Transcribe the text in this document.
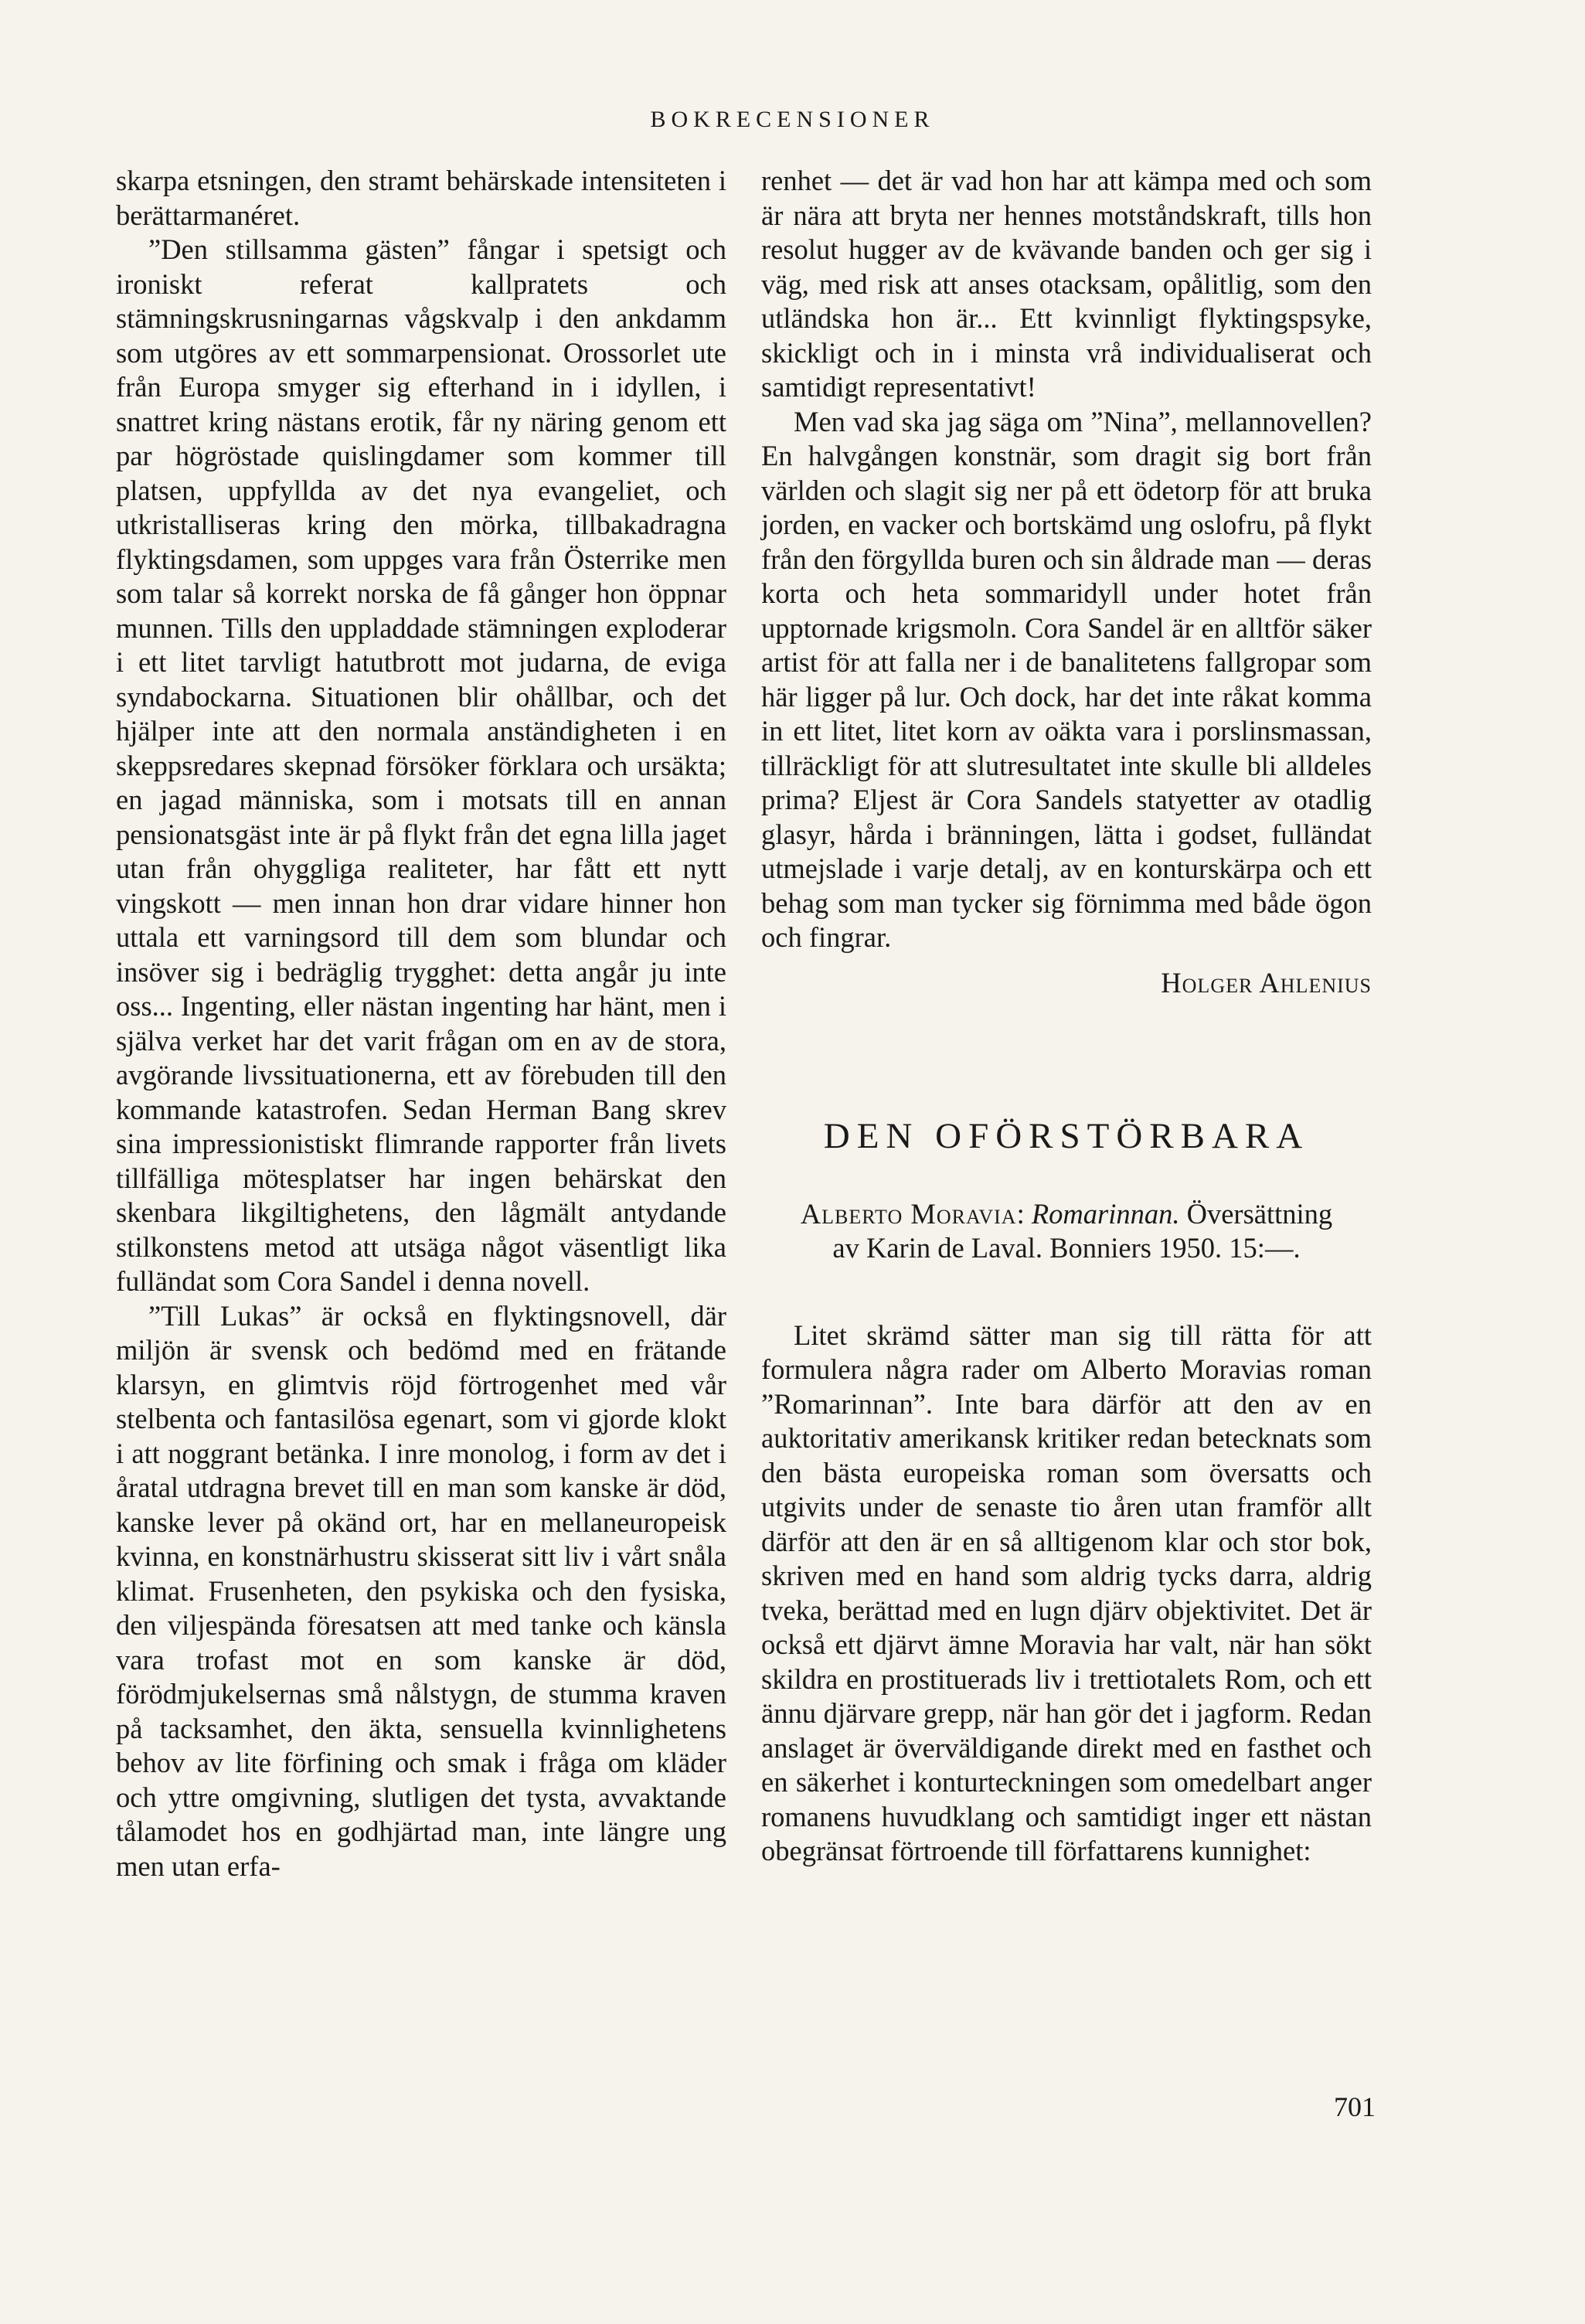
BOKRECENSIONER

skarpa etsningen, den stramt behärskade intensiteten i berättarmanéret.

”Den stillsamma gästen” fångar i spetsigt och ironiskt referat kallpratets och stämningskrusningarnas vågskvalp i den ankdamm som utgöres av ett sommarpensionat. Orossorlet ute från Europa smyger sig efterhand in i idyllen, i snattret kring nästans erotik, får ny näring genom ett par högröstade quislingdamer som kommer till platsen, uppfyllda av det nya evangeliet, och utkristalliseras kring den mörka, tillbakadragna flyktingsdamen, som uppges vara från Österrike men som talar så korrekt norska de få gånger hon öppnar munnen. Tills den uppladdade stämningen exploderar i ett litet tarvligt hatutbrott mot judarna, de eviga syndabockarna. Situationen blir ohållbar, och det hjälper inte att den normala anständigheten i en skeppsredares skepnad försöker förklara och ursäkta; en jagad människa, som i motsats till en annan pensionatsgäst inte är på flykt från det egna lilla jaget utan från ohyggliga realiteter, har fått ett nytt vingskott — men innan hon drar vidare hinner hon uttala ett varningsord till dem som blundar och insöver sig i bedräglig trygghet: detta angår ju inte oss... Ingenting, eller nästan ingenting har hänt, men i själva verket har det varit frågan om en av de stora, avgörande livssituationerna, ett av förebuden till den kommande katastrofen. Sedan Herman Bang skrev sina impressionistiskt flimrande rapporter från livets tillfälliga mötesplatser har ingen behärskat den skenbara likgiltighetens, den lågmält antydande stilkonstens metod att utsäga något väsentligt lika fulländat som Cora Sandel i denna novell.

”Till Lukas” är också en flyktingsnovell, där miljön är svensk och bedömd med en frätande klarsyn, en glimtvis röjd förtrogenhet med vår stelbenta och fantasilösa egenart, som vi gjorde klokt i att noggrant betänka. I inre monolog, i form av det i åratal utdragna brevet till en man som kanske är död, kanske lever på okänd ort, har en mellaneuropeisk kvinna, en konstnärhustru skisserat sitt liv i vårt snåla klimat. Frusenheten, den psykiska och den fysiska, den viljespända föresatsen att med tanke och känsla vara trofast mot en som kanske är död, förödmjukelsernas små nålstygn, de stumma kraven på tacksamhet, den äkta, sensuella kvinnlighetens behov av lite förfining och smak i fråga om kläder och yttre omgivning, slutligen det tysta, avvaktande tålamodet hos en godhjärtad man, inte längre ung men utan erfa-

renhet — det är vad hon har att kämpa med och som är nära att bryta ner hennes motståndskraft, tills hon resolut hugger av de kvävande banden och ger sig i väg, med risk att anses otacksam, opålitlig, som den utländska hon är... Ett kvinnligt flyktingspsyke, skickligt och in i minsta vrå individualiserat och samtidigt representativt!

Men vad ska jag säga om ”Nina”, mellannovellen? En halvgången konstnär, som dragit sig bort från världen och slagit sig ner på ett ödetorp för att bruka jorden, en vacker och bortskämd ung oslofru, på flykt från den förgyllda buren och sin åldrade man — deras korta och heta sommaridyll under hotet från upptornade krigsmoln. Cora Sandel är en alltför säker artist för att falla ner i de banalitetens fallgropar som här ligger på lur. Och dock, har det inte råkat komma in ett litet, litet korn av oäkta vara i porslinsmassan, tillräckligt för att slutresultatet inte skulle bli alldeles prima? Eljest är Cora Sandels statyetter av otadlig glasyr, hårda i bränningen, lätta i godset, fulländat utmejslade i varje detalj, av en konturskärpa och ett behag som man tycker sig förnimma med både ögon och fingrar.

Holger Ahlenius

DEN OFÖRSTÖRBARA
Alberto Moravia: Romarinnan. Översättning av Karin de Laval. Bonniers 1950. 15:—.

Litet skrämd sätter man sig till rätta för att formulera några rader om Alberto Moravias roman ”Romarinnan”. Inte bara därför att den av en auktoritativ amerikansk kritiker redan betecknats som den bästa europeiska roman som översatts och utgivits under de senaste tio åren utan framför allt därför att den är en så alltigenom klar och stor bok, skriven med en hand som aldrig tycks darra, aldrig tveka, berättad med en lugn djärv objektivitet. Det är också ett djärvt ämne Moravia har valt, när han sökt skildra en prostituerads liv i trettiotalets Rom, och ett ännu djärvare grepp, när han gör det i jagform. Redan anslaget är överväldigande direkt med en fasthet och en säkerhet i konturteckningen som omedelbart anger romanens huvudklang och samtidigt inger ett nästan obegränsat förtroende till författarens kunnighet:

701
